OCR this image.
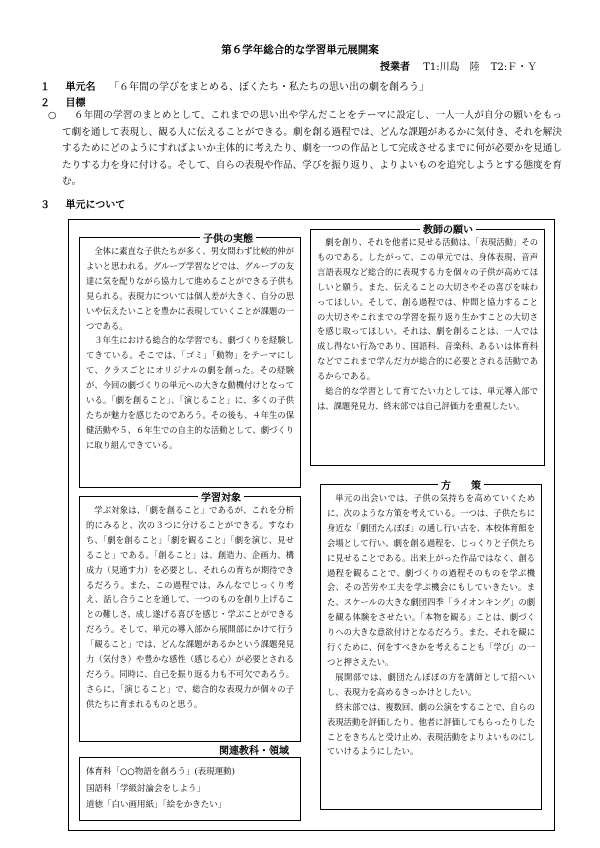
第６学年総合的な学習単元展開案
授業者 T1:川島　陸 T2:Ｆ・Ｙ
１ 単元名 「６年間の学びをまとめる、ぼくたち・私たちの思い出の劇を創ろう」
２ 目標
○ ６年間の学習のまとめとして、これまでの思い出や学んだことをテーマに設定し、一人一人が自分の願いをもって劇を通して表現し、観る人に伝えることができる。劇を創る過程では、どんな課題があるかに気付き、それを解決するためにどのようにすればよいか主体的に考えたり、劇を一つの作品として完成させるまでに何が必要かを見通したりする力を身に付ける。そして、自らの表現や作品、学びを振り返り、よりよいものを追究しようとする態度を育む。
３ 単元について

全体に素直な子供たちが多く、男女問わず比較的仲がよいと思われる。グループ学習などでは、グループの友達に気を配りながら協力して進めることができる子供も見られる。表現力については個人差が大きく、自分の思いや伝えたいことを豊かに表現していくことが課題の一つである。

３年生における総合的な学習でも、劇づくりを経験してきている。そこでは、「ゴミ」「動物」をテーマにして、クラスごとにオリジナルの劇を創った。その経験が、今回の劇づくりの単元への大きな動機付けとなっている。「劇を創ること」、「演じること」に、多くの子供たちが魅力を感じたのであろう。その後も、４年生の保健活動や５、６年生での自主的な活動として、劇づくりに取り組んできている。

子供の実態	劇を創り、それを他者に見せる活動は、「表現活動」そのものである。したがって、この単元では、身体表現、音声言語表現など総合的に表現する力を個々の子供が高めてほしいと願う。また、伝えることの大切さやその喜びを味わってほしい。そして、創る過程では、仲間と協力することの大切さやこれまでの学習を振り返り生かすことの大切さを感じ取ってほしい。それは、劇を創ることは、一人では成し得ない行為であり、国語科、音楽科、あるいは体育科などでこれまで学んだ力が総合的に必要とされる活動であるからである。

総合的な学習として育てたい力としては、単元導入部では、課題発見力、終末部では自己評価力を重視したい。

教師の願い

学ぶ対象は、「劇を創ること」であるが、これを分析的にみると、次の３つに分けることができる。すなわち、「劇を創ること」「劇を観ること」「劇を演じ、見せること」である。「創ること」は、創造力、企画力、構成力（見通す力）を必要とし、それらの育ちが期待できるだろう。また、この過程では、みんなでじっくり考え、話し合うことを通して、一つのものを創り上げることの難しさ、成し遂げる喜びを感じ・学ぶことができるだろう。そして、単元の導入部から展開部にかけて行う「観ること」では、どんな課題があるかという課題発見力（気付き）や豊かな感性（感じる心）が必要とされるだろう。同時に、自己を振り返る力も不可欠であろう。さらに、「演じること」で、総合的な表現力が個々の子供たちに育まれるものと思う。

学習対象	単元の出会いでは、子供の気持ちを高めていくために、次のような方策を考えている。一つは、子供たちに身近な「劇団たんぽぽ」の通し行い古を、本校体育館を会場として行い、劇を創る過程を、じっくりと子供たちに見せることである。出来上がった作品ではなく、創る過程を観ることで、劇づくりの過程そのものを学ぶ機会、その苦労や工夫を学ぶ機会にもしていきたい。また、スケールの大きな劇団四季「ライオンキング」の劇を観る体験をさせたい。「本物を観る」ことは、劇づくりへの大きな意欲付けとなるだろう。また、それを観に行くために、何をすべきかを考えることも「学び」の一つと押さえたい。

展開部では、劇団たんぽぽの方を講師として招へいし、表現力を高めるきっかけとしたい。

終末部では、複数回、劇の公演をすることで、自らの表現活動を評価したり、他者に評価してもらったりしたことをきちんと受け止め、表現活動をよりよいものにしていけるようにしたい。

方　　策
体育科「○○物語を創ろう」(表現運動)
国語科「学級討論会をしよう」
道徳「白い画用紙」「絵をかきたい」
関連教科・領域
